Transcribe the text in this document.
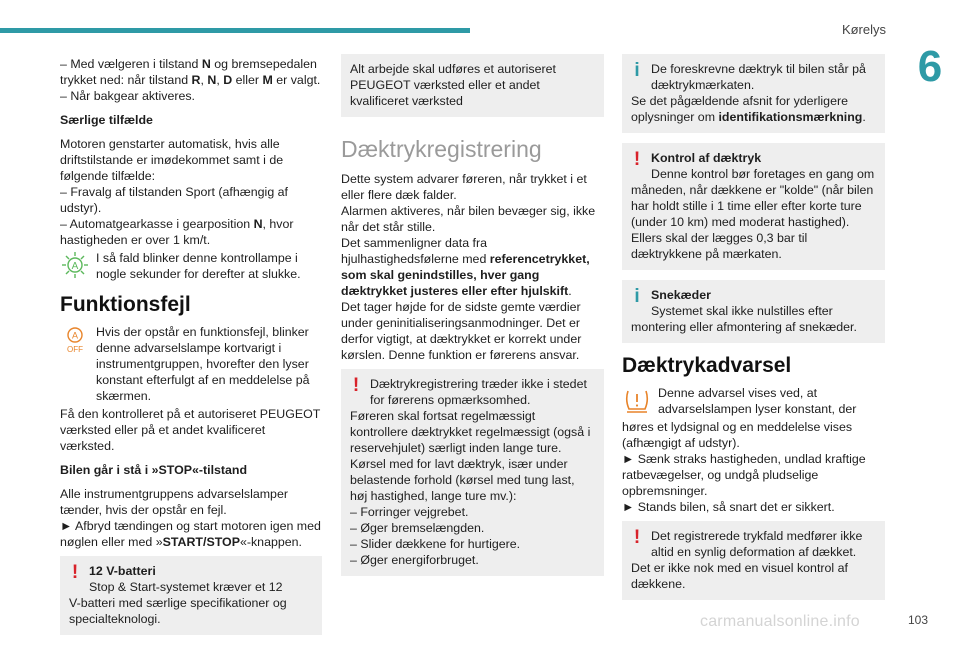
Kørelys
6

– Med vælgeren i tilstand N og bremsepedalen trykket ned: når tilstand R, N, D eller M er valgt.
– Når bakgear aktiveres.

Særlige tilfælde

Motoren genstarter automatisk, hvis alle driftstilstande er imødekommet samt i de følgende tilfælde:
– Fravalg af tilstanden Sport (afhængig af udstyr).
– Automatgearkasse i gearposition N, hvor hastigheden er over 1 km/t.

A
I så fald blinker denne kontrollampe i nogle sekunder for derefter at slukke.
Funktionsfejl
A
OFF
Hvis der opstår en funktionsfejl, blinker denne advarselslampe kortvarigt i instrumentgruppen, hvorefter den lyser konstant efterfulgt af en meddelelse på skærmen.

Få den kontrolleret på et autoriseret PEUGEOT værksted eller på et andet kvalificeret værksted.

Bilen går i stå i »STOP«-tilstand

Alle instrumentgruppens advarselslamper tænder, hvis der opstår en fejl.
► Afbryd tændingen og start motoren igen med nøglen eller med »START/STOP«-knappen.

! 12 V-batteri
Stop & Start-systemet kræver et 12
V-batteri med særlige specifikationer og specialteknologi.
Alt arbejde skal udføres et autoriseret PEUGEOT værksted eller et andet kvalificeret værksted
Dæktrykregistrering

Dette system advarer føreren, når trykket i et eller flere dæk falder.
Alarmen aktiveres, når bilen bevæger sig, ikke når det står stille.
Det sammenligner data fra hjulhastighedsfølerne med referencetrykket, som skal genindstilles, hver gang dæktrykket justeres eller efter hjulskift.
Det tager højde for de sidste gemte værdier under geninitialiseringsanmodninger. Det er derfor vigtigt, at dæktrykket er korrekt under kørslen. Denne funktion er førerens ansvar.

! Dæktrykregistrering træder ikke i stedet for førerens opmærksomhed.
Føreren skal fortsat regelmæssigt kontrollere dæktrykket regelmæssigt (også i reservehjulet) særligt inden lange ture.
Kørsel med for lavt dæktryk, især under belastende forhold (kørsel med tung last, høj hastighed, lange ture mv.):
– Forringer vejgrebet.
– Øger bremselængden.
– Slider dækkene for hurtigere.
– Øger energiforbruget.
i De foreskrevne dæktryk til bilen står på dæktrykmærkaten.
Se det pågældende afsnit for yderligere oplysninger om identifikationsmærkning.
! Kontrol af dæktryk
Denne kontrol bør foretages en gang om
måneden, når dækkene er "kolde" (når bilen har holdt stille i 1 time eller efter korte ture (under 10 km) med moderat hastighed).
Ellers skal der lægges 0,3 bar til dæktrykkene på mærkaten.
i Snekæder
Systemet skal ikke nulstilles efter
montering eller afmontering af snekæder.
Dæktrykadvarsel
Denne advarsel vises ved, at advarselslampen lyser konstant, der

høres et lydsignal og en meddelelse vises (afhængigt af udstyr).
► Sænk straks hastigheden, undlad kraftige ratbevægelser, og undgå pludselige opbremsninger.
► Stands bilen, så snart det er sikkert.

! Det registrerede trykfald medfører ikke altid en synlig deformation af dækket.
Det er ikke nok med en visuel kontrol af dækkene.
carmanualsonline.info	103
